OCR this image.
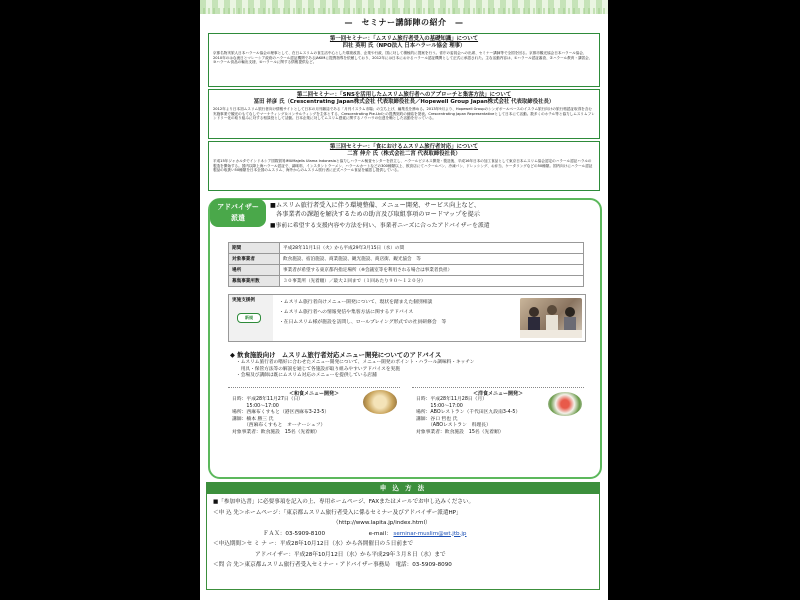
—　セミナー講師陣の紹介　—
第一回セミナー：「ムスリム旅行者受入の基礎知識」について
四社 英明 氏（NPO法人 日本ハラール協会 理事）

京都名物実旅人日本ハラール協会の理事として、在日ムスリムの食生活中心とした環境改善、企業や行政、国に対して積極的に提案を行う。省庁の委員会への出席、セミナー講師等で全国を回る。京都市観光協会日本ハラール協会、2010年のはな流日とマレーシア政府のハラール認証機関であるJAKIMに提携指導を依頼しており、2012年には日本におけるハラール認証機関として正式に承認された。主な活動内容は、①ハラール認証審査、②ハラール教育・講習会、③ハラール食品の輸出支援、④ハラールに関する情報提供など。

第二回セミナー：「SNSを活用したムスリム旅行者へのアプローチと集客方法」について
冨田 祥彦 氏（Crescentrating Japan株式会社 代表取締役社長／Hopewell Group Japan株式会社 代表取締役社長）

2012年より日本初ムスリム旅行者向け情報サイトとして日本の月刊雑誌である「月刊イスラム市場」の立ち上げ、編集長を務める。2013年9月より、Hopewell Groupのシンガポールベースのイスラム旅行向けの旅行格認証取得を含む実施事業で観光のもてなしでマーケティング＆コンサルティングを主体とする、Crescentrating Pte.Ltdとの提携契約の締結を発表。Crescentrating Japan Representativeとして日本にて活動。数多くのホテル等と協力しムスリムフレンドリー化の取り組みに対する相談役として活動。日本企業に対してムスリム感覚に関するノウハウの伝達を軸とした活動を行っている。

第三回セミナー：「食におけるムスリム旅行者対応」について
二宮 伸介 氏（株式会社二宮 代表取締役社長）

平成15年ジャカルタでインドネシア国際貿易IMUMajelis Ulama Indonesiaと協力しハラール検査センターを設立し、ハラールビジネス開発・製造後、平成16年日本の加工食品として東京日本ムスリム協会認定のハラール認証ハラルの製造を開始する。国内以降上海ハラール認証で、調味料、インスタントラーメン、ハラールカートなどの300種類以上、飲食店にてハラールパン、冷凍パン、ドレッシング、お弁当、ケータリングなどの50種類。国内向けにハラール認証製品の取扱い50種類を日本全国のムスリム、海外からのムスリム旅行者に正式ハラール食品を確認し提供している。

アドバイザー
派遣
■ムスリム旅行者受入に伴う環境整備、メニュー開発、サービス向上など、
各事業者の課題を解決するための助言及び取組事項のロードマップを提示
■事前に希望する支援内容や方法を伺い、事業者ニーズに合ったアドバイザーを派遣
期間	平成28年11月1日（火）から平成29年3月15日（水）の間
対象事業者	飲食施設、宿泊施設、商業施設、観光施設、商店街、観光協会　等
場所	事業者が希望する東京都内指定場所（※会議室等を利用される場合は事業者負担）
募集事業所数	３０事業所（先着順）／最大２回まで（１回あたり９０～１２０分）
実施支援例
新規
・ムスリム旅行者向けメニュー開発について、現状を踏まえた個別相談
・ムスリム旅行者への情報発信や集客方法に関するアドバイス
・在日ムスリム様が施設を訪問し、ロールプレイング形式での社員研修会　等
◆ 飲食施設向け　ムスリム旅行者対応メニュー開発についてのアドバイス
・ムスリム旅行者の嗜好に合わせたメニュー開発について、メニュー開発のポイント・ハラール調味料・キッチン
　用具・保管方法等の解説を通じて各施設が取り組みやすいアドバイスを実施
・会場及び講師は既にムスリム対応のメニューを提供している店舗
＜和食メニュー開発＞
日時：平成28年11月27日（日）
　　　15:00～17:00
場所：西麻布くすもと（港区西麻布3-23-5）
講師：楠本 勝三 氏
　　　（西麻布くすもと　オーナーシェフ）
対象事業者：飲食施設　15名（先着順）
＜洋食メニュー開発＞
日時：平成28年11月28日（月）
　　　15:00～17:00
場所：ABOレストラン（千代田区九段南3-4-5）
講師：谷口 哲也 氏
　　　（ABOレストラン　料理長）
対象事業者：飲食施設　15名（先着順）
申 込 方 法
■「参加申込書」に必要事項を記入の上、専用ホームページ、FAXまたはメールでお申し込みください。
＜申 込 先＞ホームページ：「東京都ムスリム旅行者受入に係るセミナー及びアドバイザー派遣HP」
（http://www.lapita.jp/index.html）
ＦＡＸ：03-5909-8100	e-mail： seminar-muslim@wt.jtb.jp
＜申込期間＞セ ミ ナ ー：平成28年10月12日（水）から各開催日の５日前まで
アドバイザー：平成28年10月12日（水）から平成29年３月８日（水）まで
＜問 合 先＞東京都ムスリム旅行者受入セミナー・アドバイザー事務局　電話：03-5909-8090
